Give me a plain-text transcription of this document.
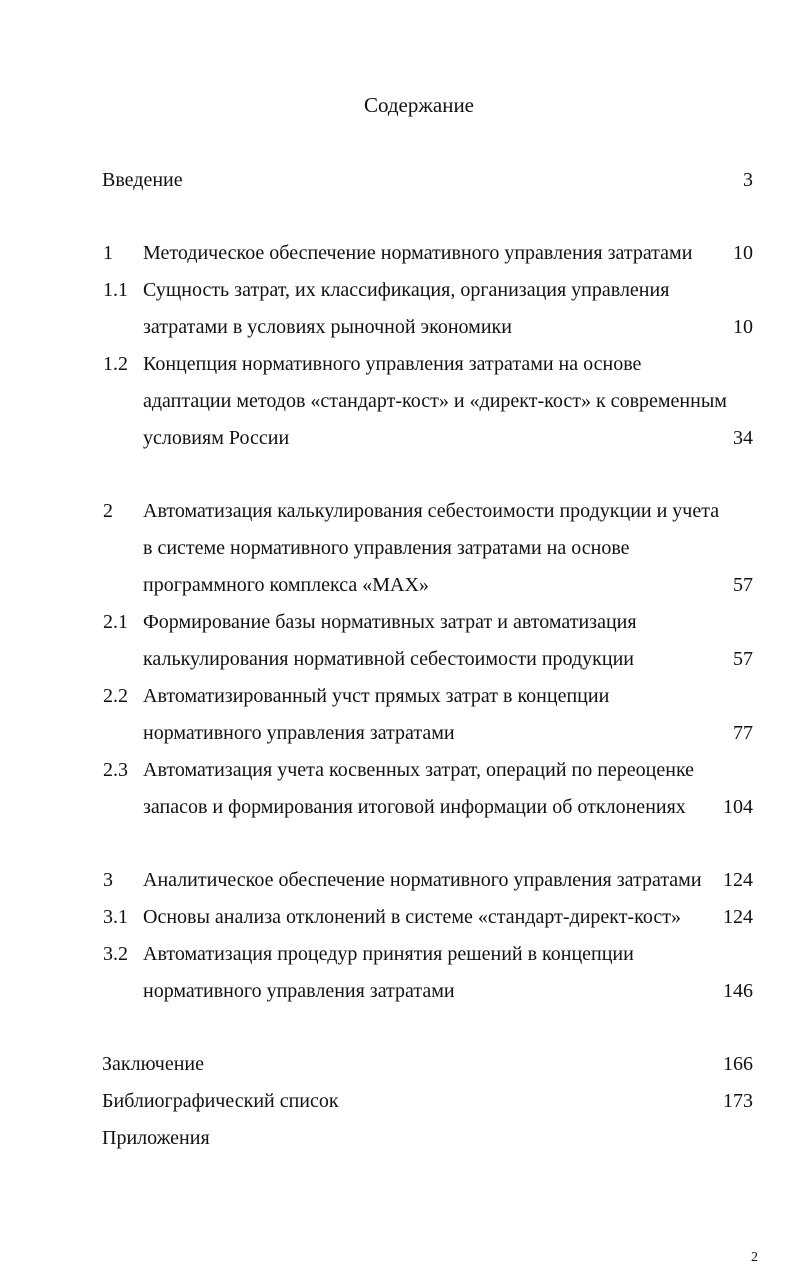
Содержание
Введение	3
1 Методическое обеспечение нормативного управления затратами 10
1.1 Сущность затрат, их классификация, организация управления
затратами в условиях рыночной экономики	10
1.2 Концепция нормативного управления затратами на основе
адаптации методов «стандарт-кост» и «директ-кост» к современным
условиям России	34
2 Автоматизация калькулирования себестоимости продукции и учета
в системе нормативного управления затратами на основе
программного комплекса «МАХ»	57
2.1 Формирование базы нормативных затрат и автоматизация
калькулирования нормативной себестоимости продукции	57
2.2 Автоматизированный учст прямых затрат в концепции
нормативного управления затратами	77
2.3 Автоматизация учета косвенных затрат, операций по переоценке
запасов и формирования итоговой информации об отклонениях 104
3 Аналитическое обеспечение нормативного управления затратами 124
3.1 Основы анализа отклонений в системе «стандарт-директ-кост» 124
3.2 Автоматизация процедур принятия решений в концепции
нормативного управления затратами	146
Заключение	166
Библиографический список	173
Приложения
2
